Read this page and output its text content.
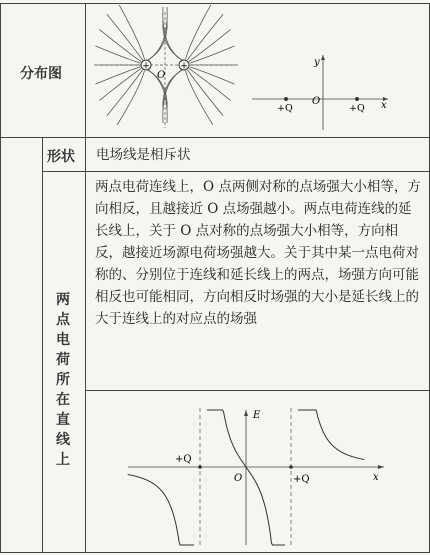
分布图
形状 电场线是相斥状
两点电荷所在直线上
两点电荷连线上，O 点两侧对称的点场强大小相等，方向相反，且越接近 O 点场强越小。两点电荷连线的延长线上，关于 O 点对称的点场强大小相等，方向相反，越接近场源电荷场强越大。关于其中某一点电荷对称的、分别位于连线和延长线上的两点，场强方向可能相反也可能相同，方向相反时场强的大小是延长线上的大于连线上的对应点的场强
+	+
O
y
x
O
+Q	+Q
E
x
O
+Q
+Q
